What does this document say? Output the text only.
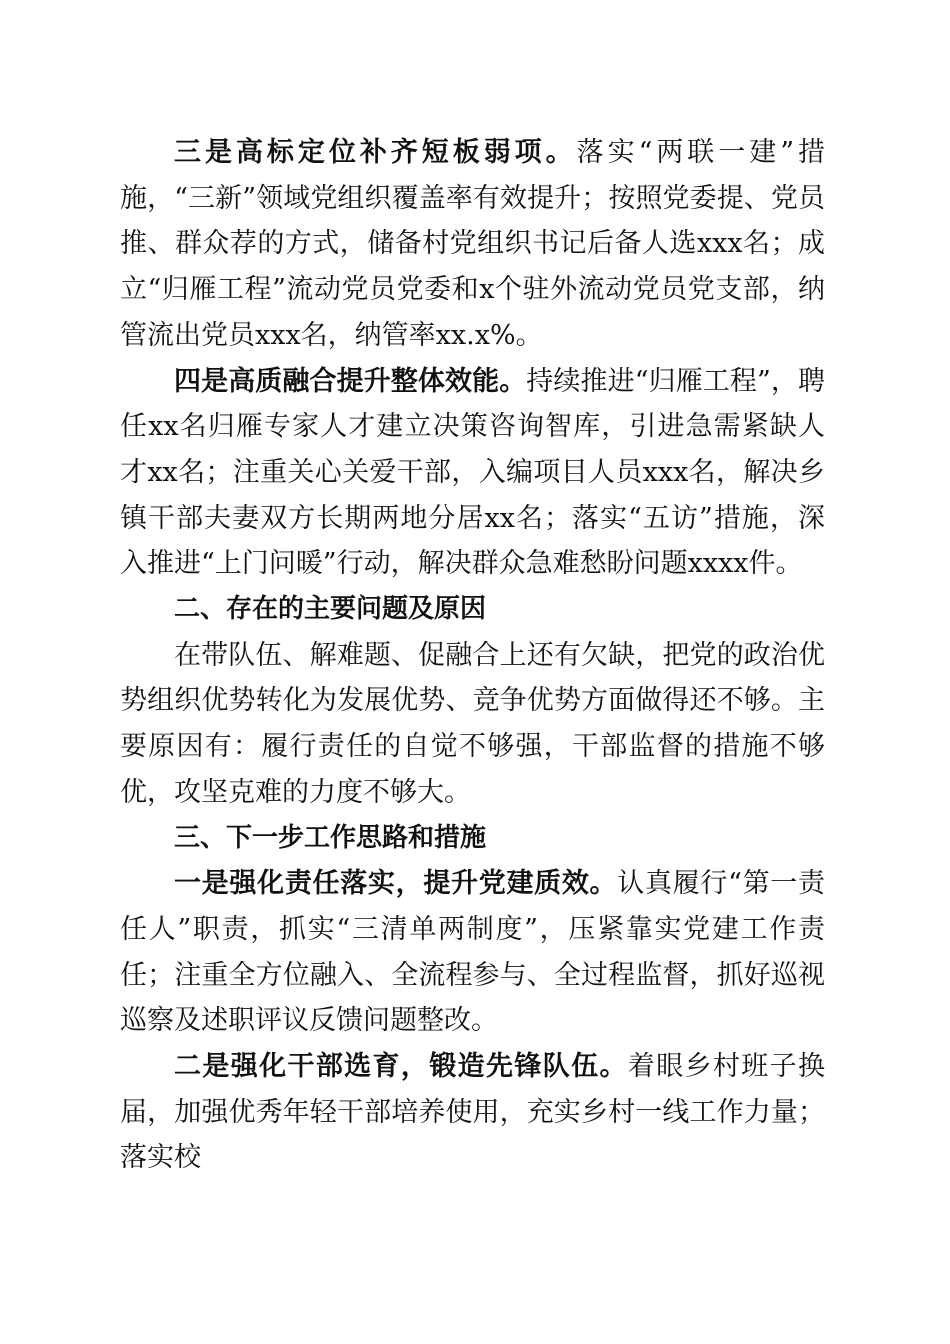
三是高标定位补齐短板弱项。落实“两联一建”措施，“三新”领域党组织覆盖率有效提升；按照党委提、党员推、群众荐的方式，储备村党组织书记后备人选xxx名；成立“归雁工程”流动党员党委和x个驻外流动党员党支部，纳管流出党员xxx名，纳管率xx.x%。

四是高质融合提升整体效能。持续推进“归雁工程”，聘任xx名归雁专家人才建立决策咨询智库，引进急需紧缺人才xx名；注重关心关爱干部，入编项目人员xxx名，解决乡镇干部夫妻双方长期两地分居xx名；落实“五访”措施，深入推进“上门问暖”行动，解决群众急难愁盼问题xxxx件。

二、存在的主要问题及原因

在带队伍、解难题、促融合上还有欠缺，把党的政治优势组织优势转化为发展优势、竞争优势方面做得还不够。主要原因有：履行责任的自觉不够强，干部监督的措施不够优，攻坚克难的力度不够大。

三、下一步工作思路和措施

一是强化责任落实，提升党建质效。认真履行“第一责任人”职责，抓实“三清单两制度”，压紧靠实党建工作责任；注重全方位融入、全流程参与、全过程监督，抓好巡视巡察及述职评议反馈问题整改。

二是强化干部选育，锻造先锋队伍。着眼乡村班子换届，加强优秀年轻干部培养使用，充实乡村一线工作力量；落实校
